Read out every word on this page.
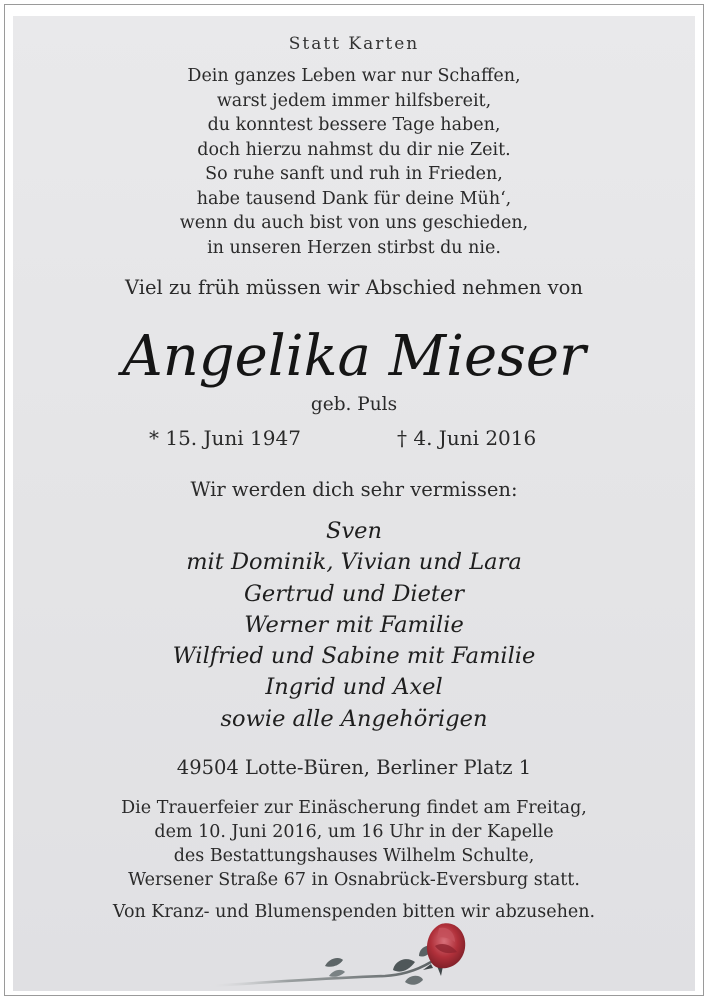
Statt Karten
Dein ganzes Leben war nur Schaffen,
warst jedem immer hilfsbereit,
du konntest bessere Tage haben,
doch hierzu nahmst du dir nie Zeit.
So ruhe sanft und ruh in Frieden,
habe tausend Dank für deine Müh‘,
wenn du auch bist von uns geschieden,
in unseren Herzen stirbst du nie.
Viel zu früh müssen wir Abschied nehmen von
Angelika Mieser
geb. Puls
* 15. Juni 1947	† 4. Juni 2016
Wir werden dich sehr vermissen:
Sven
mit Dominik, Vivian und Lara
Gertrud und Dieter
Werner mit Familie
Wilfried und Sabine mit Familie
Ingrid und Axel
sowie alle Angehörigen
49504 Lotte-Büren, Berliner Platz 1
Die Trauerfeier zur Einäscherung findet am Freitag,
dem 10. Juni 2016, um 16 Uhr in der Kapelle
des Bestattungshauses Wilhelm Schulte,
Wersener Straße 67 in Osnabrück-Eversburg statt.
Von Kranz- und Blumenspenden bitten wir abzusehen.
